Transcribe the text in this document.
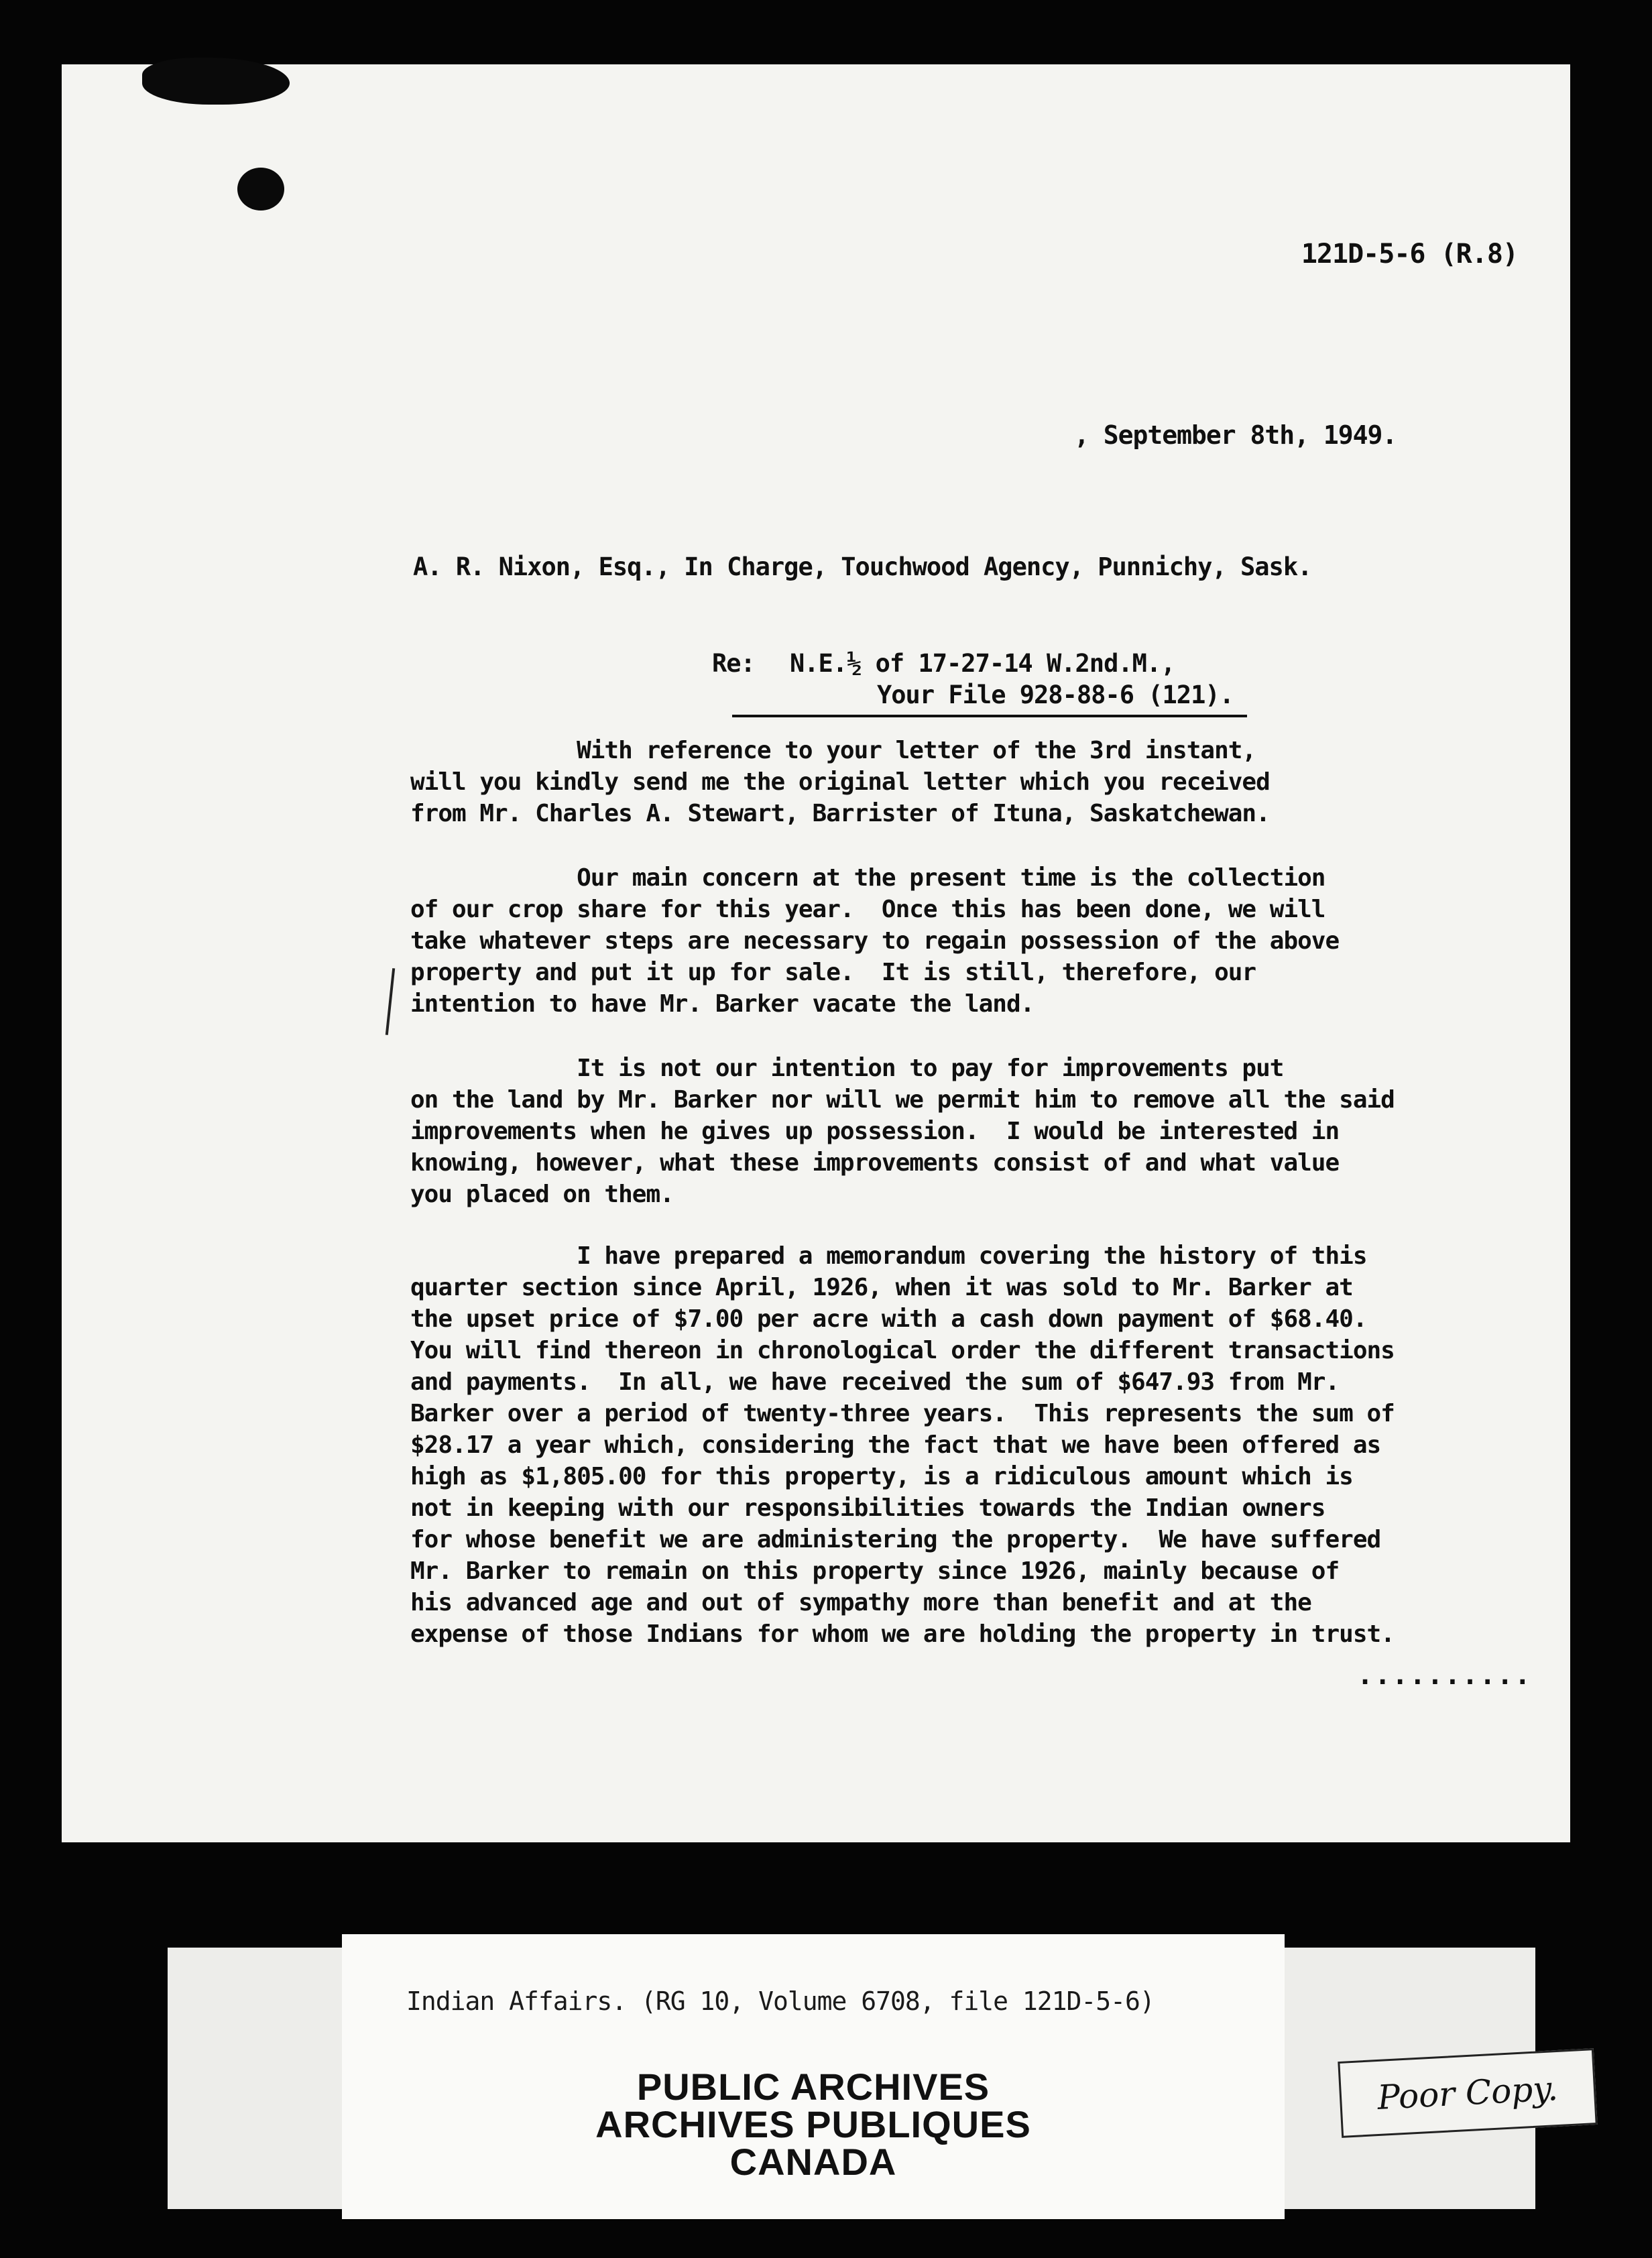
121D-5-6 (R.8)
, September 8th, 1949.
A. R. Nixon, Esq., In Charge, Touchwood Agency, Punnichy, Sask.
Re: N.E.½ of 17-27-14 W.2nd.M.,
Your File 928-88-6 (121).

With reference to your letter of the 3rd instant,
will you kindly send me the original letter which you received
from Mr. Charles A. Stewart, Barrister of Ituna, Saskatchewan.

Our main concern at the present time is the collection
of our crop share for this year.  Once this has been done, we will
take whatever steps are necessary to regain possession of the above
property and put it up for sale.  It is still, therefore, our
intention to have Mr. Barker vacate the land.

It is not our intention to pay for improvements put
on the land by Mr. Barker nor will we permit him to remove all the said
improvements when he gives up possession.  I would be interested in
knowing, however, what these improvements consist of and what value
you placed on them.

I have prepared a memorandum covering the history of this
quarter section since April, 1926, when it was sold to Mr. Barker at
the upset price of $7.00 per acre with a cash down payment of $68.40.
You will find thereon in chronological order the different transactions
and payments.  In all, we have received the sum of $647.93 from Mr.
Barker over a period of twenty-three years.  This represents the sum of
$28.17 a year which, considering the fact that we have been offered as
high as $1,805.00 for this property, is a ridiculous amount which is
not in keeping with our responsibilities towards the Indian owners
for whose benefit we are administering the property.  We have suffered
Mr. Barker to remain on this property since 1926, mainly because of
his advanced age and out of sympathy more than benefit and at the
expense of those Indians for whom we are holding the property in trust.

..........
Indian Affairs. (RG 10, Volume 6708, file 121D-5-6)
PUBLIC ARCHIVES
ARCHIVES PUBLIQUES
CANADA
Poor Copy.
